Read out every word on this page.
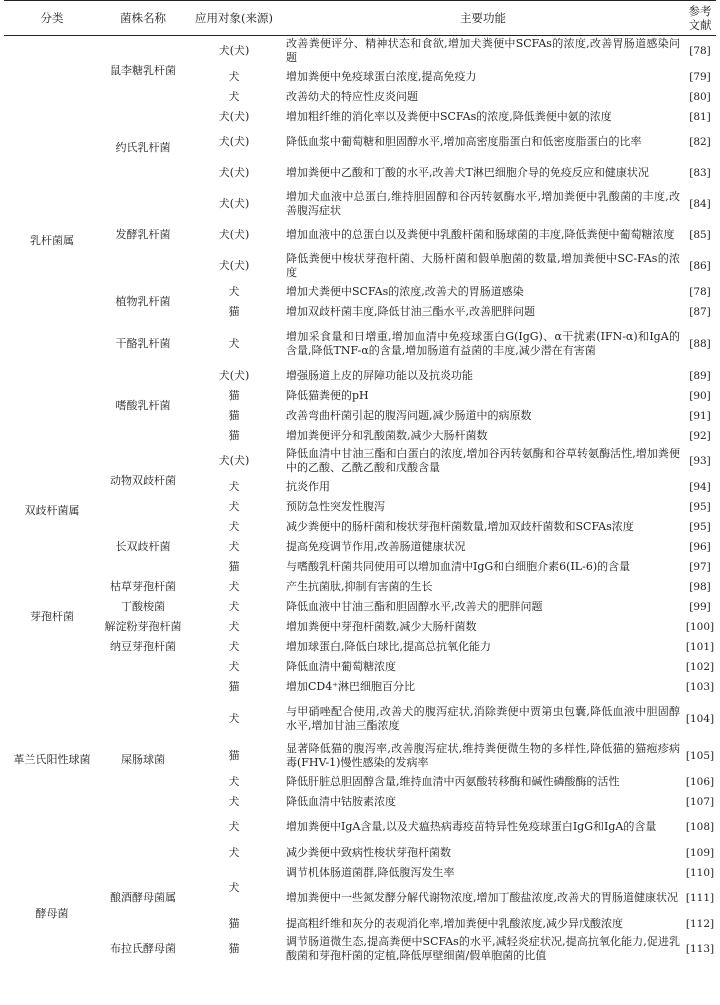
分类	菌株名称	应用对象(来源)	主要功能	参考
文献
乳杆菌属	鼠李糖乳杆菌	犬(犬)	改善粪便评分、精神状态和食欲,增加犬粪便中SCFAs的浓度,改善胃肠道感染问题	[78]
		犬	增加粪便中免疫球蛋白浓度,提高免疫力	[79]
		犬	改善幼犬的特应性皮炎问题	[80]
	约氏乳杆菌	犬(犬)	增加粗纤维的消化率以及粪便中SCFAs的浓度,降低粪便中氨的浓度	[81]
		犬(犬)	降低血浆中葡萄糖和胆固醇水平,增加高密度脂蛋白和低密度脂蛋白的比率	[82]
		犬(犬)	增加粪便中乙酸和丁酸的水平,改善犬T淋巴细胞介导的免疫反应和健康状况	[83]
	发酵乳杆菌	犬(犬)	增加犬血液中总蛋白,维持胆固醇和谷丙转氨酶水平,增加粪便中乳酸菌的丰度,改善腹泻症状	[84]
		犬(犬)	增加血液中的总蛋白以及粪便中乳酸杆菌和肠球菌的丰度,降低粪便中葡萄糖浓度	[85]
		犬(犬)	降低粪便中梭状芽孢杆菌、大肠杆菌和假单胞菌的数量,增加粪便中SC-FAs的浓度	[86]
	植物乳杆菌	犬	增加犬粪便中SCFAs的浓度,改善犬的胃肠道感染	[78]
		猫	增加双歧杆菌丰度,降低甘油三酯水平,改善肥胖问题	[87]
	干酪乳杆菌	犬	增加采食量和日增重,增加血清中免疫球蛋白G(IgG)、α干扰素(IFN-α)和IgA的含量,降低TNF-α的含量,增加肠道有益菌的丰度,减少潜在有害菌	[88]
	嗜酸乳杆菌	犬(犬)	增强肠道上皮的屏障功能以及抗炎功能	[89]
		猫	降低猫粪便的pH	[90]
		猫	改善弯曲杆菌引起的腹泻问题,减少肠道中的病原数	[91]
		猫	增加粪便评分和乳酸菌数,减少大肠杆菌数	[92]
双歧杆菌属	动物双歧杆菌	犬(犬)	降低血清中甘油三酯和白蛋白的浓度,增加谷丙转氨酶和谷草转氨酶活性,增加粪便中的乙酸、乙酰乙酸和戊酸含量	[93]
		犬	抗炎作用	[94]
		犬	预防急性突发性腹泻	[95]
	长双歧杆菌	犬	减少粪便中的肠杆菌和梭状芽孢杆菌数量,增加双歧杆菌数和SCFAs浓度	[95]
		犬	提高免疫调节作用,改善肠道健康状况	[96]
		猫	与嗜酸乳杆菌共同使用可以增加血清中IgG和白细胞介素6(IL-6)的含量	[97]
芽孢杆菌	枯草芽孢杆菌	犬	产生抗菌肽,抑制有害菌的生长	[98]
	丁酸梭菌	犬	降低血液中甘油三酯和胆固醇水平,改善犬的肥胖问题	[99]
	解淀粉芽孢杆菌	犬	增加粪便中芽孢杆菌数,减少大肠杆菌数	[100]
	纳豆芽孢杆菌	犬	增加球蛋白,降低白球比,提高总抗氧化能力	[101]
革兰氏阳性球菌	屎肠球菌	犬	降低血清中葡萄糖浓度	[102]
		猫	增加CD4⁺淋巴细胞百分比	[103]
		犬	与甲硝唑配合使用,改善犬的腹泻症状,消除粪便中贾第虫包囊,降低血液中胆固醇水平,增加甘油三酯浓度	[104]
		猫	显著降低猫的腹泻率,改善腹泻症状,维持粪便微生物的多样性,降低猫的猫疱疹病毒(FHV-1)慢性感染的发病率	[105]
		犬	降低肝脏总胆固醇含量,维持血清中丙氨酸转移酶和碱性磷酸酶的活性	[106]
		犬	降低血清中钴胺素浓度	[107]
		犬	增加粪便中IgA含量,以及犬瘟热病毒疫苗特异性免疫球蛋白IgG和IgA的含量	[108]
		犬	减少粪便中致病性梭状芽孢杆菌数	[109]
酵母菌	酿酒酵母菌属	犬	调节机体肠道菌群,降低腹泻发生率	[110]
			增加粪便中一些氮发酵分解代谢物浓度,增加丁酸盐浓度,改善犬的胃肠道健康状况	[111]
		猫	提高粗纤维和灰分的表观消化率,增加粪便中乳酸浓度,减少异戊酸浓度	[112]
	布拉氏酵母菌	猫	调节肠道微生态,提高粪便中SCFAs的水平,减轻炎症状况,提高抗氧化能力,促进乳酸菌和芽孢杆菌的定植,降低厚壁细菌/假单胞菌的比值	[113]
